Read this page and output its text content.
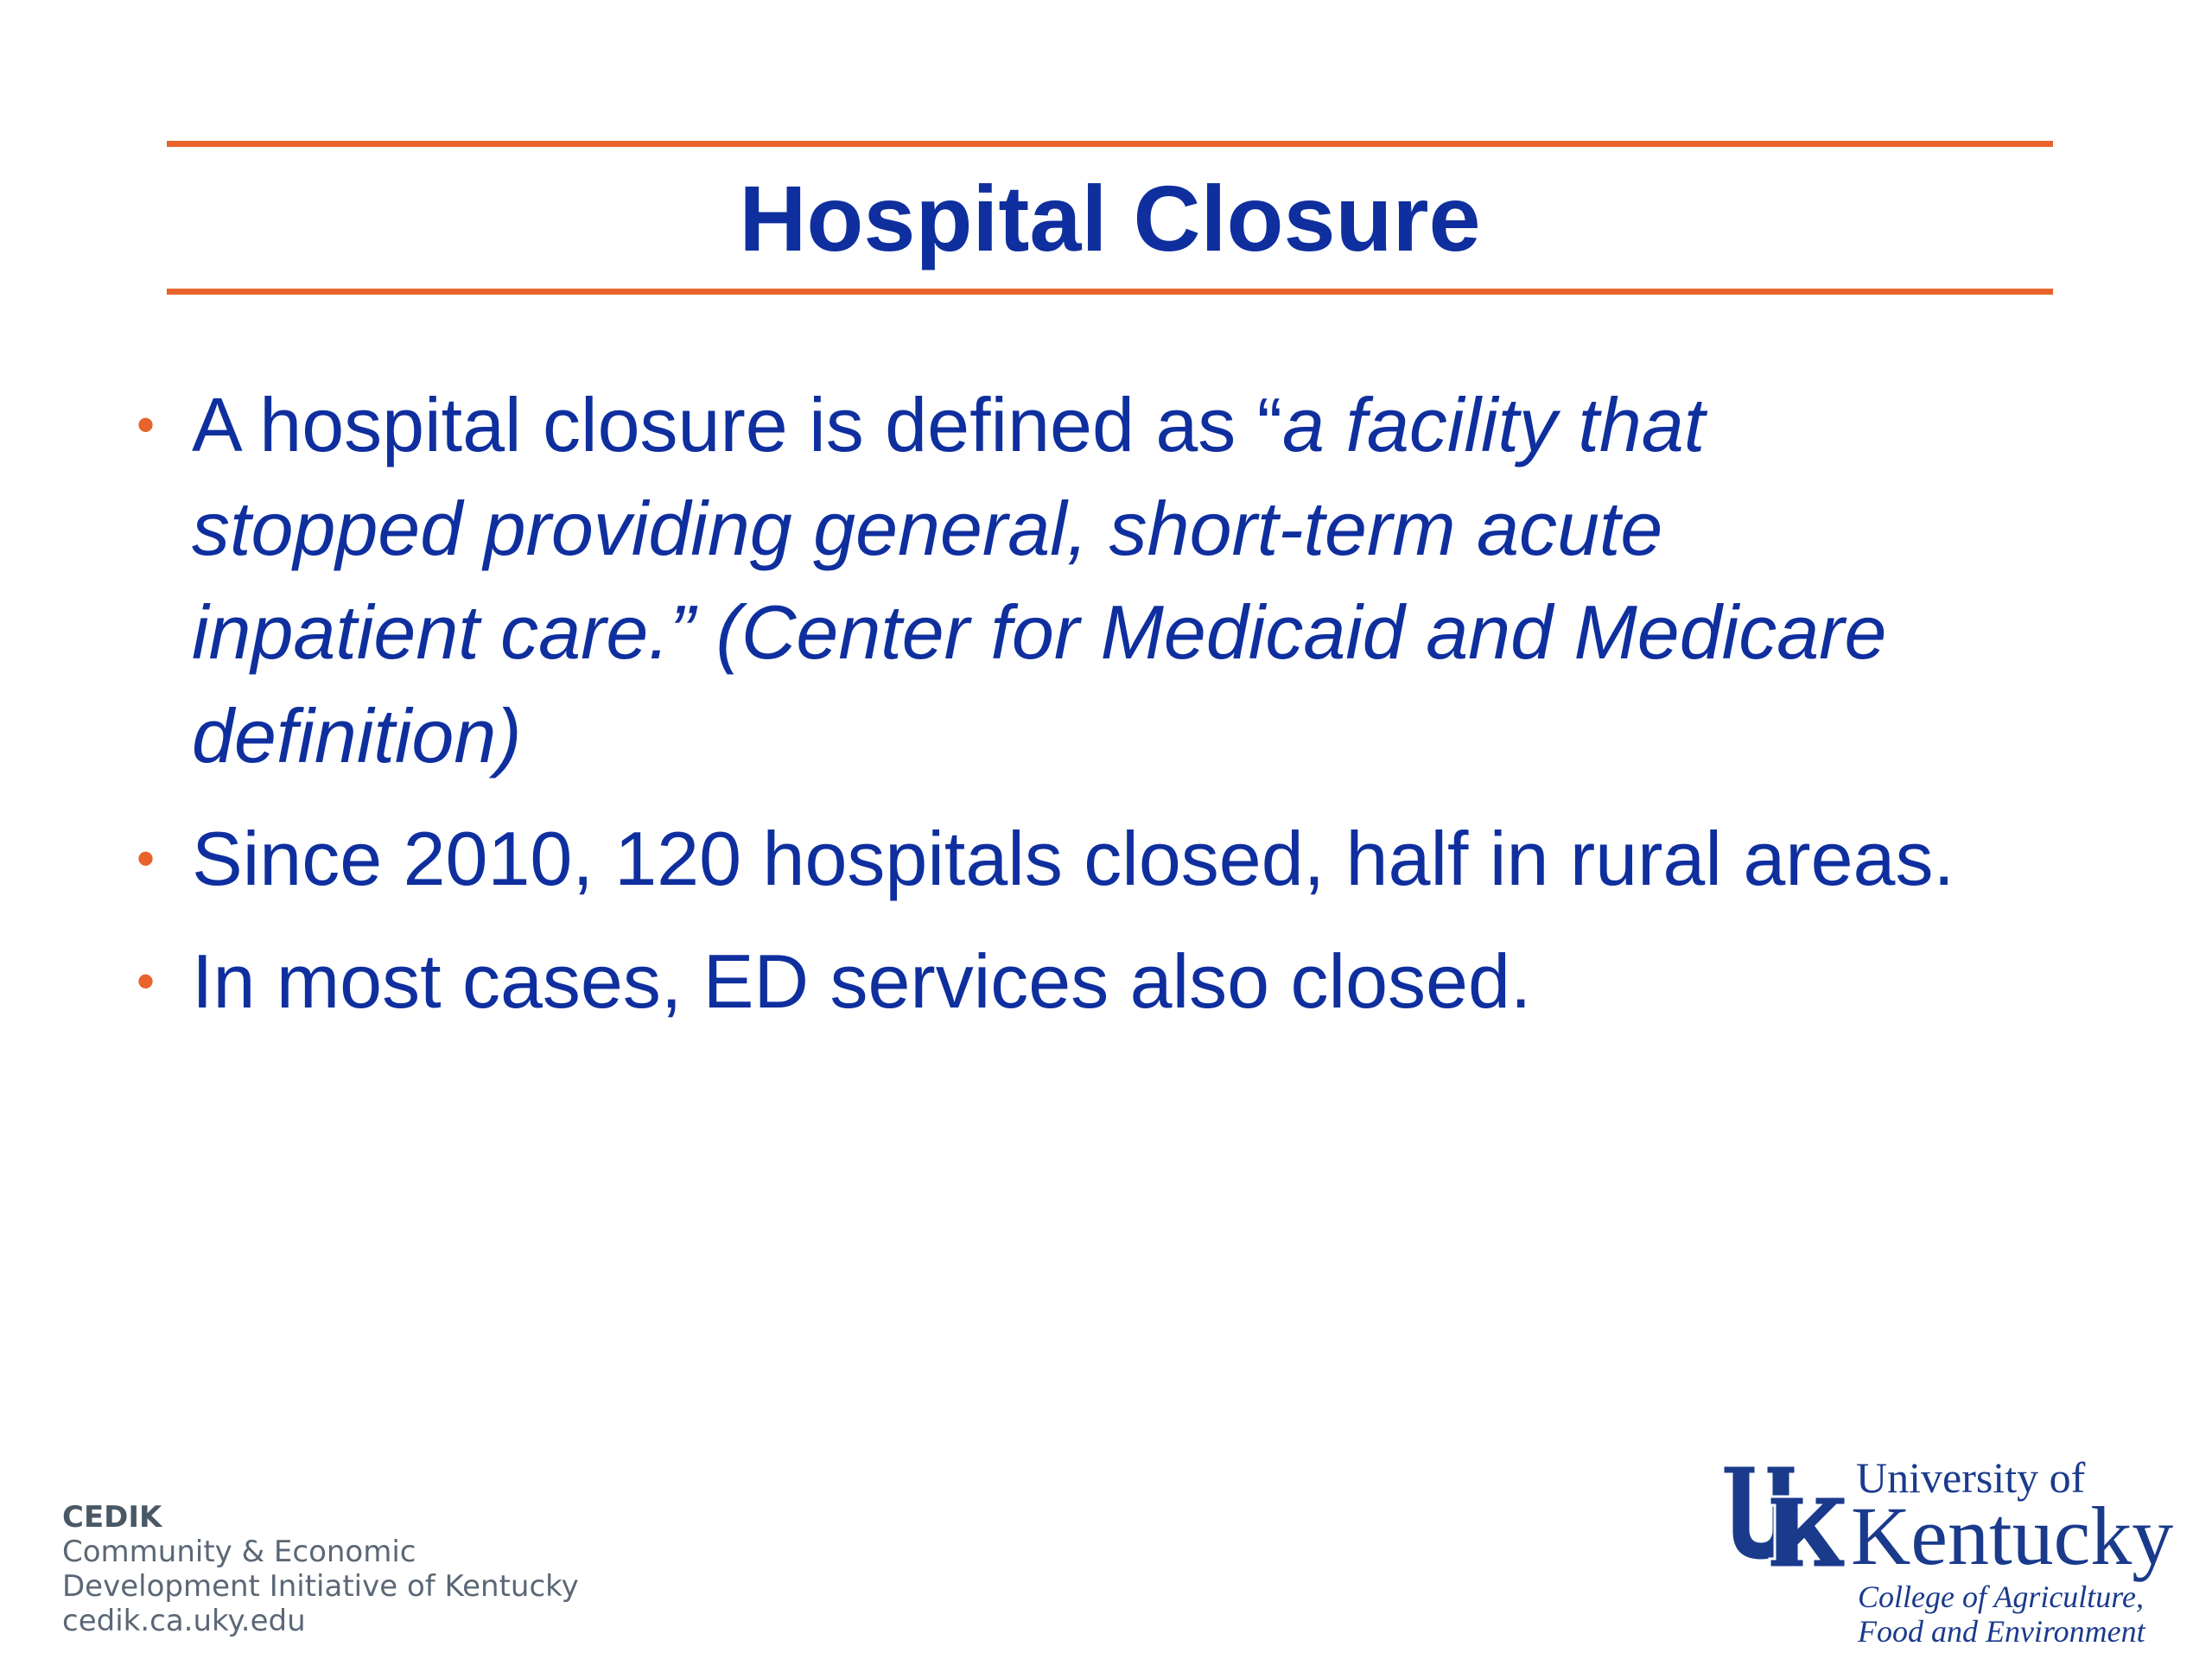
Hospital Closure
• A hospital closure is defined as “a facility that stopped providing general, short-term acute inpatient care.” (Center for Medicaid and Medicare definition)
• Since 2010, 120 hospitals closed, half in rural areas.
• In most cases, ED services also closed.
CEDIK
Community & Economic
Development Initiative of Kentucky
cedik.ca.uky.edu
University of
Kentucky
College of Agriculture,
Food and Environment
